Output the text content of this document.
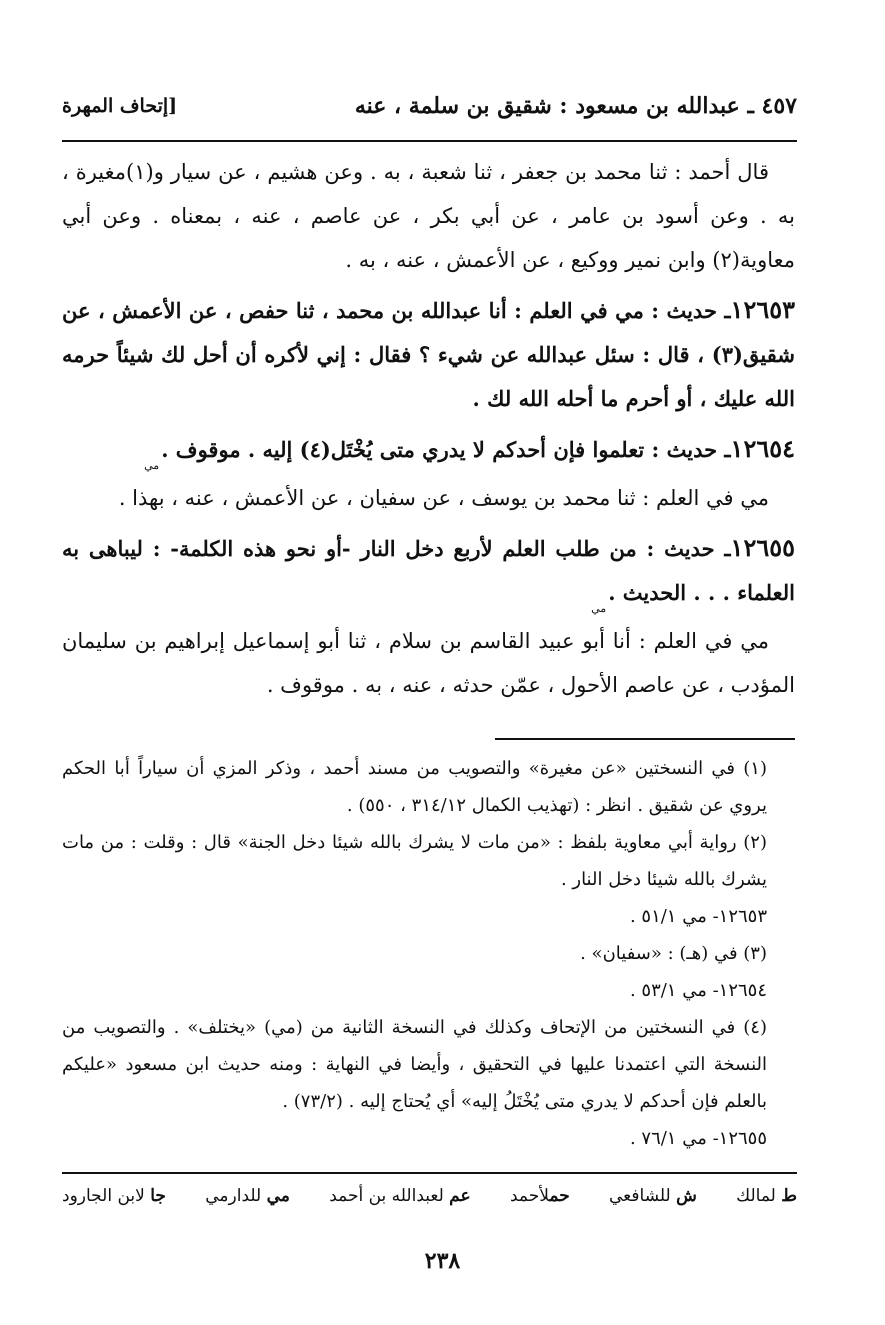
٤٥٧ ـ عبدالله بن مسعود : شقيق بن سلمة ، عنه
[إتحاف المهرة

قال أحمد : ثنا محمد بن جعفر ، ثنا شعبة ، به . وعن هشيم ، عن سيار و(١)مغيرة ، به . وعن أسود بن عامر ، عن أبي بكر ، عن عاصم ، عنه ، بمعناه . وعن أبي معاوية(٢) وابن نمير ووكيع ، عن الأعمش ، عنه ، به .

١٢٦٥٣ـ حديث : مي في العلم : أنا عبدالله بن محمد ، ثنا حفص ، عن الأعمش ، عن شقيق(٣) ، قال : سئل عبدالله عن شيء ؟ فقال : إني لأكره أن أحل لك شيئاً حرمه الله عليك ، أو أحرم ما أحله الله لك .

١٢٦٥٤ـ حديث : تعلموا فإن أحدكم لا يدري متى يُخْتَل(٤) إليه . موقوف $._{مي}$

مي في العلم : ثنا محمد بن يوسف ، عن سفيان ، عن الأعمش ، عنه ، بهذا .

١٢٦٥٥ـ حديث : من طلب العلم لأربع دخل النار -أو نحو هذه الكلمة- : ليباهى به العلماء . . . الحديث $._{مي}$

مي في العلم : أنا أبو عبيد القاسم بن سلام ، ثنا أبو إسماعيل إبراهيم بن سليمان المؤدب ، عن عاصم الأحول ، عمّن حدثه ، عنه ، به . موقوف .

(١) في النسختين «عن مغيرة» والتصويب من مسند أحمد ، وذكر المزي أن سياراً أبا الحكم يروي عن شقيق . انظر : (تهذيب الكمال ٣١٤/١٢ ، ٥٥٠) .

(٢) رواية أبي معاوية بلفظ : «من مات لا يشرك بالله شيئا دخل الجنة» قال : وقلت : من مات يشرك بالله شيئا دخل النار .

١٢٦٥٣- مي ٥١/١ .

(٣) في (هـ) : «سفيان» .

١٢٦٥٤- مي ٥٣/١ .

(٤) في النسختين من الإتحاف وكذلك في النسخة الثانية من (مي) «يختلف» . والتصويب من النسخة التي اعتمدنا عليها في التحقيق ، وأيضا في النهاية : ومنه حديث ابن مسعود «عليكم بالعلم فإن أحدكم لا يدري متى يُخْتَلُ إليه» أي يُحتاج إليه . (٧٣/٢) .

١٢٦٥٥- مي ٧٦/١ .

ط لمالك
ش للشافعي
حملأحمد
عم لعبدالله بن أحمد
مي للدارمي
جا لابن الجارود
٢٣٨
